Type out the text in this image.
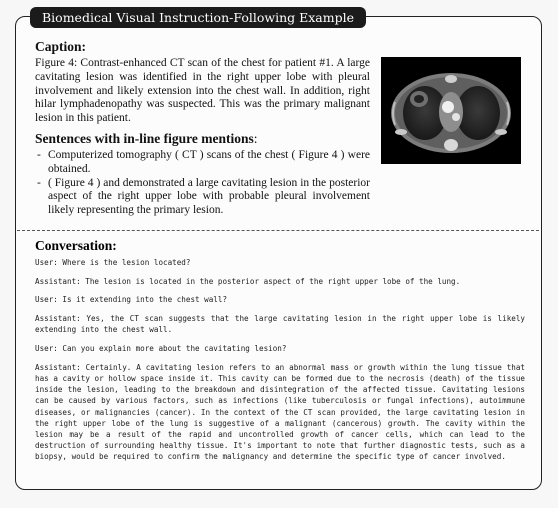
Biomedical Visual Instruction-Following Example
Caption:
Figure 4: Contrast-enhanced CT scan of the chest for patient #1. A large cavitating lesion was identified in the right upper lobe with pleural involvement and likely extension into the chest wall. In addition, right hilar lymphadenopathy was suspected. This was the primary malignant lesion in this patient.
Sentences with in-line figure mentions:
- Computerized tomography ( CT ) scans of the chest ( Figure 4 ) were obtained.
- ( Figure 4 ) and demonstrated a large cavitating lesion in the posterior aspect of the right upper lobe with probable pleural involvement likely representing the primary lesion.
Conversation:

User: Where is the lesion located?

Assistant: The lesion is located in the posterior aspect of the right upper lobe of the lung.

User: Is it extending into the chest wall?

Assistant: Yes, the CT scan suggests that the large cavitating lesion in the right upper lobe is likely extending into the chest wall.

User: Can you explain more about the cavitating lesion?

Assistant: Certainly. A cavitating lesion refers to an abnormal mass or growth within the lung tissue that has a cavity or hollow space inside it. This cavity can be formed due to the necrosis (death) of the tissue inside the lesion, leading to the breakdown and disintegration of the affected tissue. Cavitating lesions can be caused by various factors, such as infections (like tuberculosis or fungal infections), autoimmune diseases, or malignancies (cancer). In the context of the CT scan provided, the large cavitating lesion in the right upper lobe of the lung is suggestive of a malignant (cancerous) growth. The cavity within the lesion may be a result of the rapid and uncontrolled growth of cancer cells, which can lead to the destruction of surrounding healthy tissue. It's important to note that further diagnostic tests, such as a biopsy, would be required to confirm the malignancy and determine the specific type of cancer involved.
